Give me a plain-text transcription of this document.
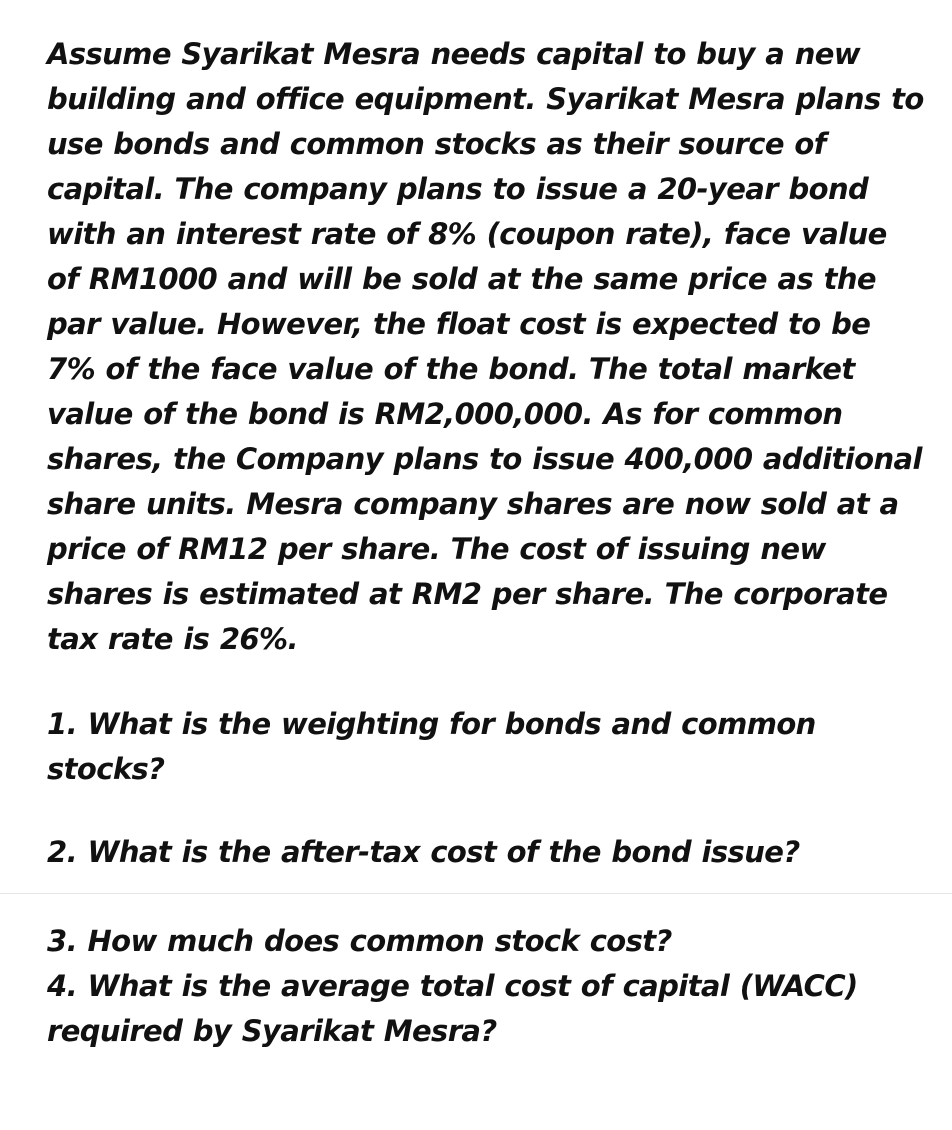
Assume Syarikat Mesra needs capital to buy a new building and office equipment. Syarikat Mesra plans to use bonds and common stocks as their source of capital. The company plans to issue a 20-year bond with an interest rate of 8% (coupon rate), face value of RM1000 and will be sold at the same price as the par value. However, the float cost is expected to be 7% of the face value of the bond. The total market value of the bond is RM2,000,000. As for common shares, the Company plans to issue 400,000 additional share units. Mesra company shares are now sold at a price of RM12 per share. The cost of issuing new shares is estimated at RM2 per share. The corporate tax rate is 26%.

1. What is the weighting for bonds and common stocks?

2. What is the after-tax cost of the bond issue?

3. How much does common stock cost?

4. What is the average total cost of capital (WACC) required by Syarikat Mesra?
